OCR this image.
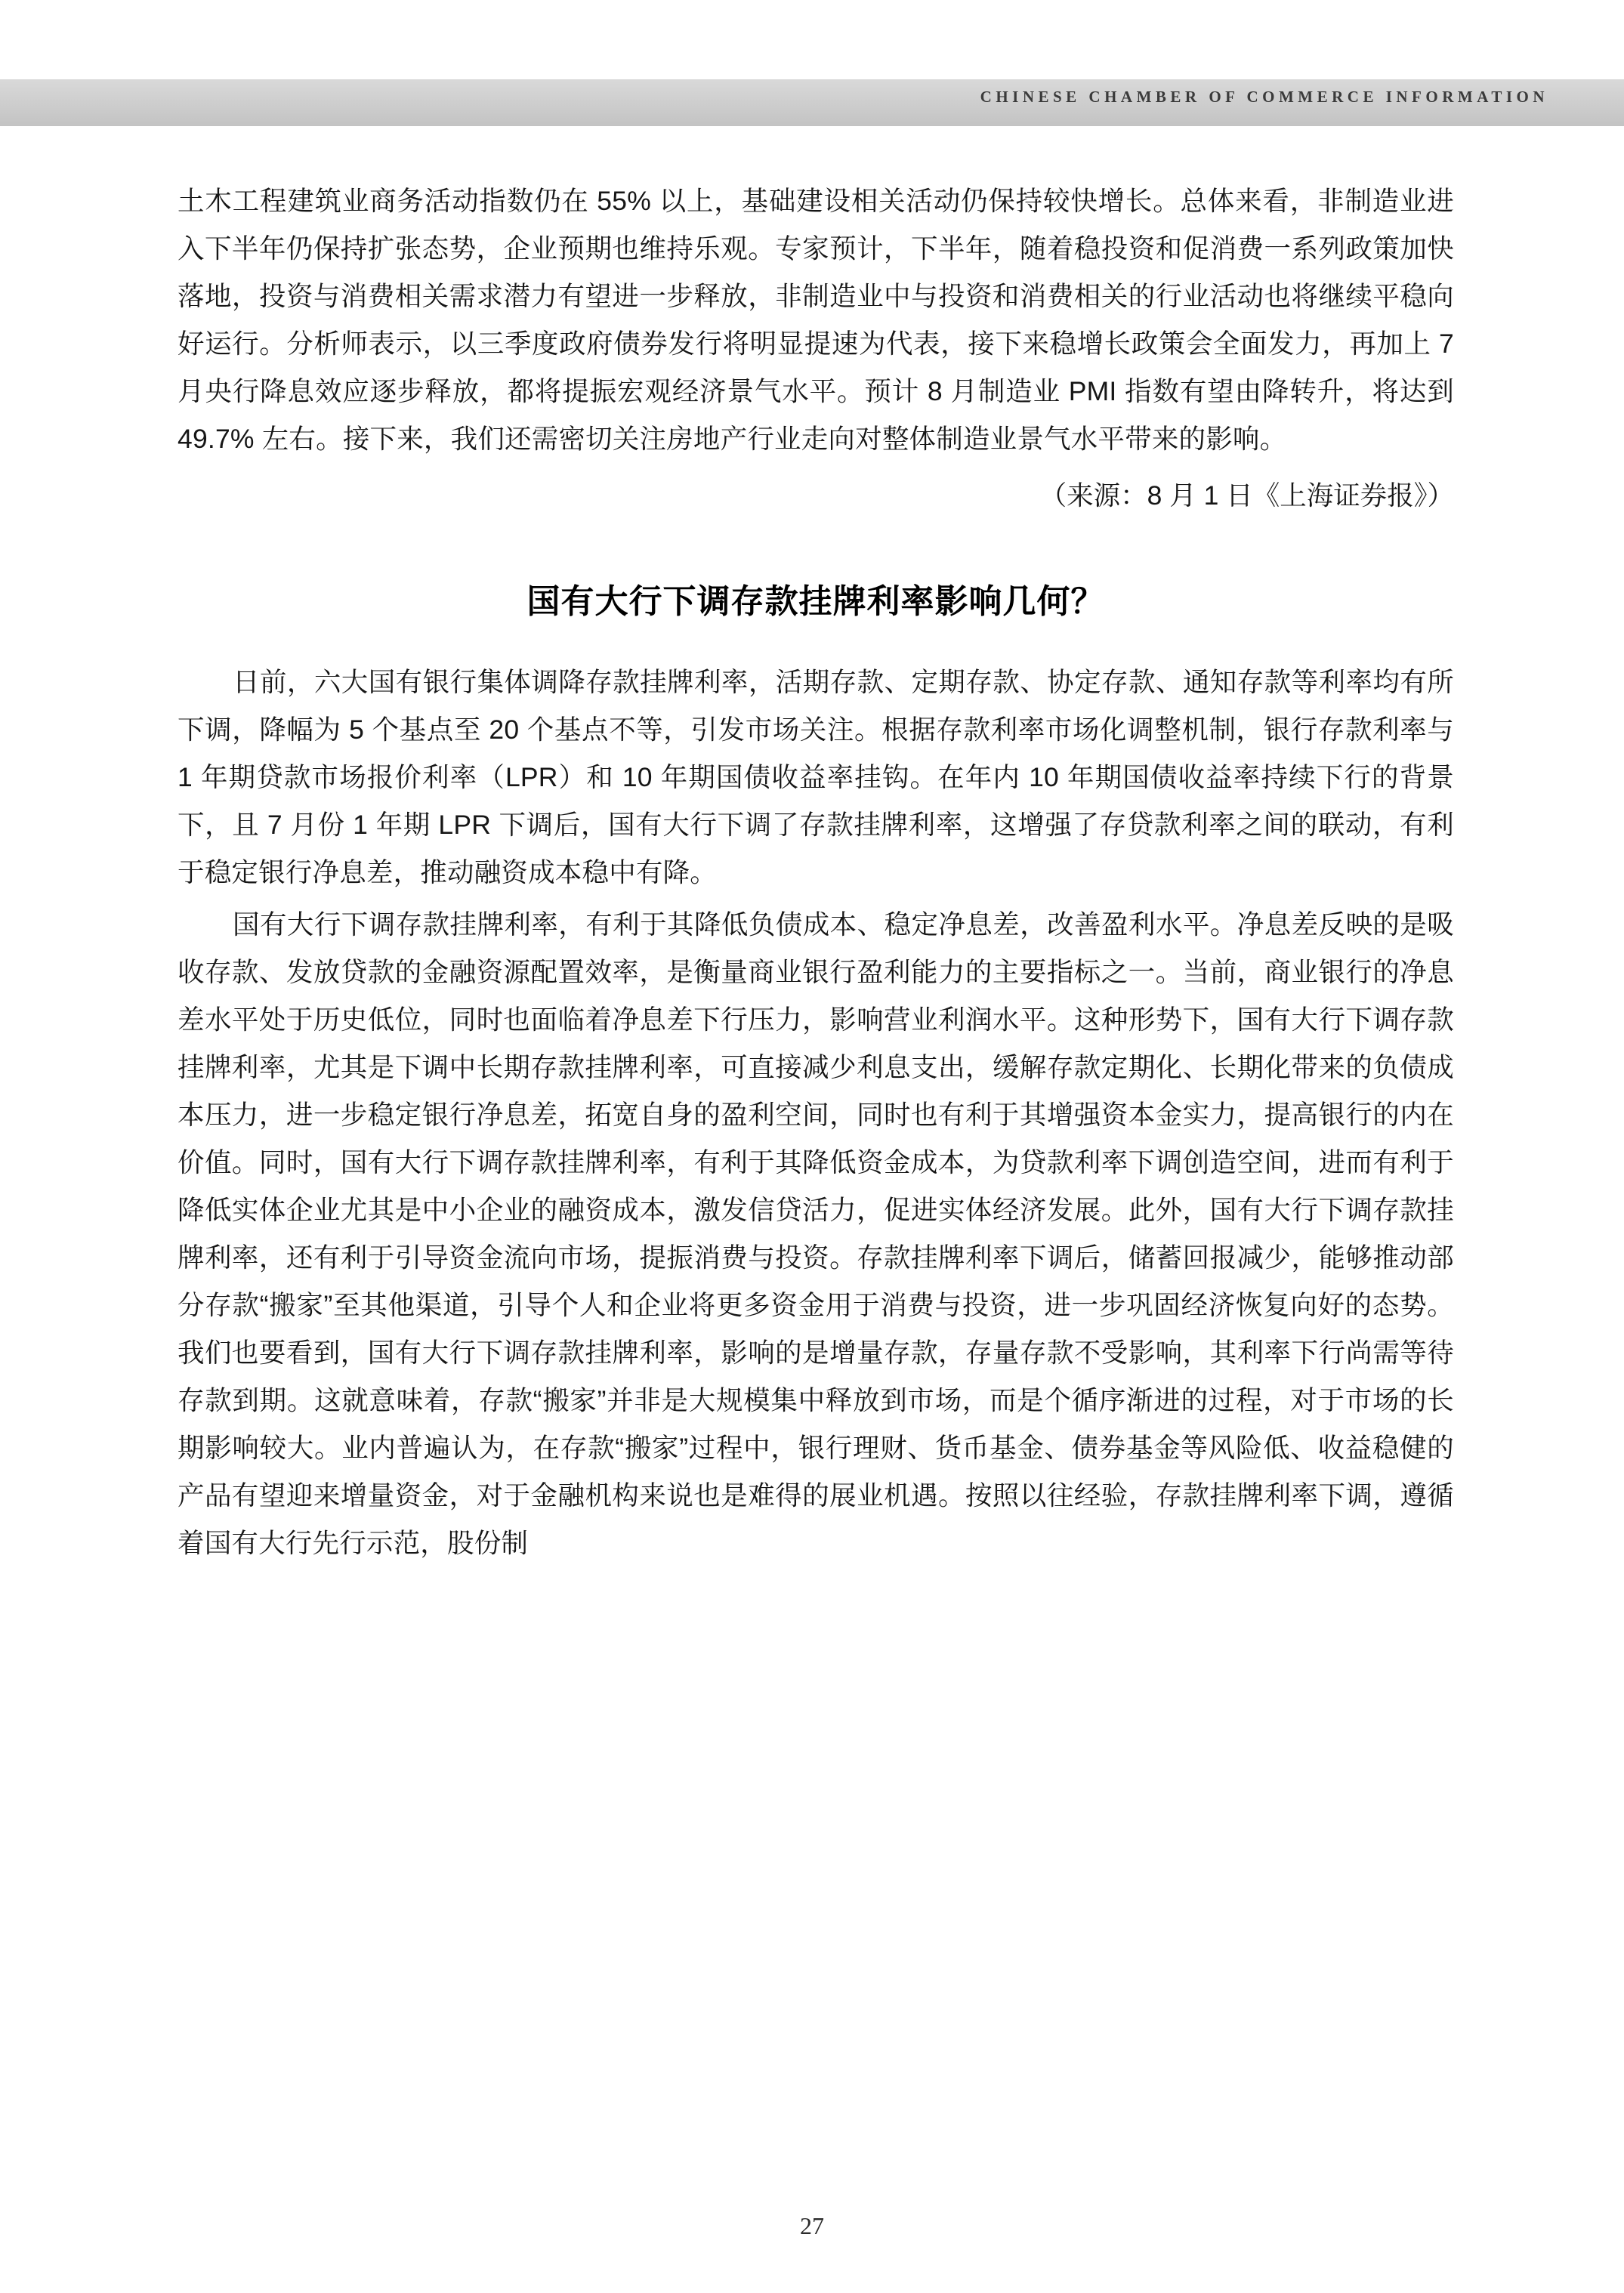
CHINESE CHAMBER OF COMMERCE INFORMATION

土木工程建筑业商务活动指数仍在 55% 以上，基础建设相关活动仍保持较快增长。总体来看，非制造业进入下半年仍保持扩张态势，企业预期也维持乐观。专家预计，下半年，随着稳投资和促消费一系列政策加快落地，投资与消费相关需求潜力有望进一步释放，非制造业中与投资和消费相关的行业活动也将继续平稳向好运行。分析师表示，以三季度政府债券发行将明显提速为代表，接下来稳增长政策会全面发力，再加上 7 月央行降息效应逐步释放，都将提振宏观经济景气水平。预计 8 月制造业 PMI 指数有望由降转升，将达到 49.7% 左右。接下来，我们还需密切关注房地产行业走向对整体制造业景气水平带来的影响。

（来源：8 月 1 日《上海证券报》）
国有大行下调存款挂牌利率影响几何？

日前，六大国有银行集体调降存款挂牌利率，活期存款、定期存款、协定存款、通知存款等利率均有所下调，降幅为 5 个基点至 20 个基点不等，引发市场关注。根据存款利率市场化调整机制，银行存款利率与 1 年期贷款市场报价利率（LPR）和 10 年期国债收益率挂钩。在年内 10 年期国债收益率持续下行的背景下，且 7 月份 1 年期 LPR 下调后，国有大行下调了存款挂牌利率，这增强了存贷款利率之间的联动，有利于稳定银行净息差，推动融资成本稳中有降。

国有大行下调存款挂牌利率，有利于其降低负债成本、稳定净息差，改善盈利水平。净息差反映的是吸收存款、发放贷款的金融资源配置效率，是衡量商业银行盈利能力的主要指标之一。当前，商业银行的净息差水平处于历史低位，同时也面临着净息差下行压力，影响营业利润水平。这种形势下，国有大行下调存款挂牌利率，尤其是下调中长期存款挂牌利率，可直接减少利息支出，缓解存款定期化、长期化带来的负债成本压力，进一步稳定银行净息差，拓宽自身的盈利空间，同时也有利于其增强资本金实力，提高银行的内在价值。同时，国有大行下调存款挂牌利率，有利于其降低资金成本，为贷款利率下调创造空间，进而有利于降低实体企业尤其是中小企业的融资成本，激发信贷活力，促进实体经济发展。此外，国有大行下调存款挂牌利率，还有利于引导资金流向市场，提振消费与投资。存款挂牌利率下调后，储蓄回报减少，能够推动部分存款“搬家”至其他渠道，引导个人和企业将更多资金用于消费与投资，进一步巩固经济恢复向好的态势。我们也要看到，国有大行下调存款挂牌利率，影响的是增量存款，存量存款不受影响，其利率下行尚需等待存款到期。这就意味着，存款“搬家”并非是大规模集中释放到市场，而是个循序渐进的过程，对于市场的长期影响较大。业内普遍认为，在存款“搬家”过程中，银行理财、货币基金、债券基金等风险低、收益稳健的产品有望迎来增量资金，对于金融机构来说也是难得的展业机遇。按照以往经验，存款挂牌利率下调，遵循着国有大行先行示范，股份制

27
